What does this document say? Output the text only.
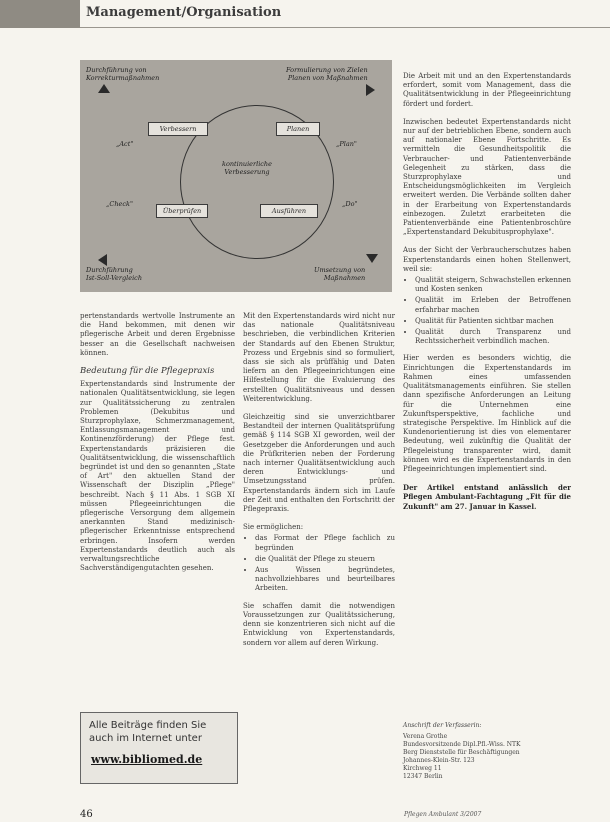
Management/Organisation
Durchführung von
Korrekturmaßnahmen
Formulierung von Zielen
Planen von Maßnahmen
„Act"	„Plan"
„Check"	„Do"
kontinuierliche
Verbesserung
Durchführung
Ist-Soll-Vergleich
Umsetzung von
Maßnahmen
Verbessern	Planen
Überprüfen	Ausführen

pertenstandards wertvolle Instrumente an die Hand bekommen, mit denen wir pflegerische Arbeit und deren Ergebnisse besser an die Gesellschaft nachweisen können.

Bedeutung für die Pflegepraxis

Expertenstandards sind Instrumente der nationalen Qualitätsentwicklung, sie legen zur Qualitätssicherung zu zentralen Problemen (Dekubitus und Sturzprophylaxe, Schmerzmanagement, Entlassungsmanagement und Kontinenzförderung) der Pflege fest. Expertenstandards präzisieren die Qualitätsentwicklung, die wissenschaftlich begründet ist und den so genannten „State of Art" den aktuellen Stand der Wissenschaft der Disziplin „Pflege" beschreibt. Nach § 11 Abs. 1 SGB XI müssen Pflegeeinrichtungen die pflegerische Versorgung dem allgemein anerkannten Stand medizinisch-pflegerischer Erkenntnisse entsprechend erbringen. Insofern werden Expertenstandards deutlich auch als verwaltungsrechtliche Sachverständigengutachten gesehen.

Alle Beiträge finden Sie auch im Internet unter
www.bibliomed.de

Mit den Expertenstandards wird nicht nur das nationale Qualitätsniveau beschrieben, die verbindlichen Kriterien der Standards auf den Ebenen Struktur, Prozess und Ergebnis sind so formuliert, dass sie sich als prüffähig und Daten liefern an den Pflegeeinrichtungen eine Hilfestellung für die Evaluierung des erstellten Qualitätsniveaus und dessen Weiterentwicklung.

Gleichzeitig sind sie unverzichtbarer Bestandteil der internen Qualitätsprüfung gemäß § 114 SGB XI geworden, weil der Gesetzgeber die Anforderungen und auch die Prüfkriterien neben der Forderung nach interner Qualitätsentwicklung auch deren Entwicklungs- und Umsetzungsstand prüfen. Expertenstandards ändern sich im Laufe der Zeit und enthalten den Fortschritt der Pflegepraxis.

Sie ermöglichen:

• das Format der Pflege fachlich zu begründen
• die Qualität der Pflege zu steuern
• Aus Wissen begründetes, nachvollziehbares und beurteilbares Arbeiten.

Sie schaffen damit die notwendigen Voraussetzungen zur Qualitätssicherung, denn sie konzentrieren sich nicht auf die Entwicklung von Expertenstandards, sondern vor allem auf deren Wirkung.

Die Arbeit mit und an den Expertenstandards erfordert, somit vom Management, dass die Qualitätsentwicklung in der Pflegeeinrichtung fördert und fordert.

Inzwischen bedeutet Expertenstandards nicht nur auf der betrieblichen Ebene, sondern auch auf nationaler Ebene Fortschritte. Es vermitteln die Gesundheitspolitik die Verbraucher- und Patientenverbände Gelegenheit zu stärken, dass die Sturzprophylaxe und Entscheidungsmöglichkeiten im Vergleich erweitert werden. Die Verbände sollten daher in der Erarbeitung von Expertenstandards einbezogen. Zuletzt erarbeiteten die Patientenverbände eine Patientenbroschüre „Expertenstandard Dekubitusprophylaxe".

Aus der Sicht der Verbraucherschutzes haben Expertenstandards einen hohen Stellenwert, weil sie:

• Qualität steigern, Schwachstellen erkennen und Kosten senken
• Qualität im Erleben der Betroffenen erfahrbar machen
• Qualität für Patienten sichtbar machen
• Qualität durch Transparenz und Rechtssicherheit verbindlich machen.

Hier werden es besonders wichtig, die Einrichtungen die Expertenstandards im Rahmen eines umfassenden Qualitätsmanagements einführen. Sie stellen dann spezifische Anforderungen an Leitung für die Unternehmen eine Zukunftsperspektive, fachliche und strategische Perspektive. Im Hinblick auf die Kundenorientierung ist dies von elementarer Bedeutung, weil zukünftig die Qualität der Pflegeleistung transparenter wird, damit können wird es die Expertenstandards in den Pflegeeinrichtungen implementiert sind.

Der Artikel entstand anlässlich der Pflegen Ambulant-Fachtagung „Fit für die Zukunft" am 27. Januar in Kassel.

Anschrift der Verfasserin:
Verena Grothe
Bundesvorsitzende Dipl.Pfl.-Wiss. NTK
Berg Dienststelle für Beschäftigungen
Johannes-Klein-Str. 123
Kirchweg 11
12347 Berlin
46	Pflegen Ambulant 3/2007
